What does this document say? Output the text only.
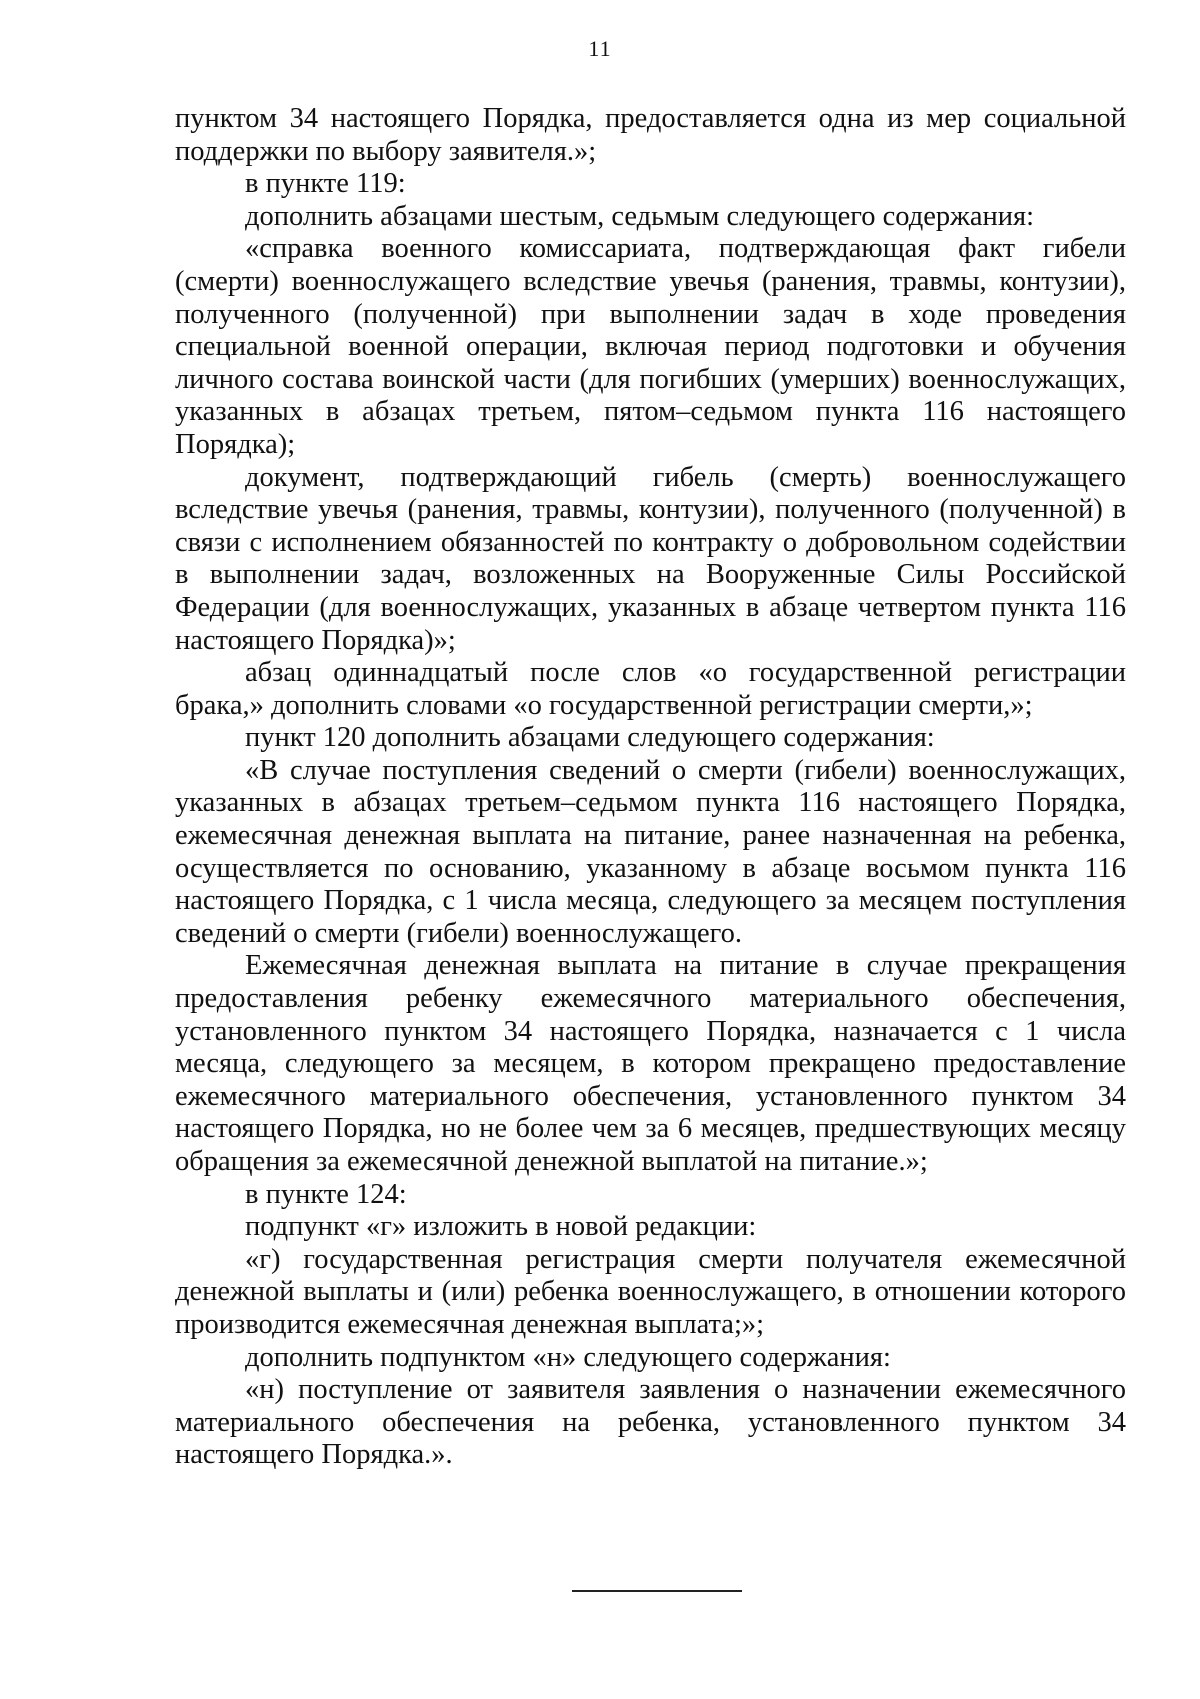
11

пунктом 34 настоящего Порядка, предоставляется одна из мер социальной поддержки по выбору заявителя.»;

в пункте 119:

дополнить абзацами шестым, седьмым следующего содержания:

«справка военного комиссариата, подтверждающая факт гибели (смерти) военнослужащего вследствие увечья (ранения, травмы, контузии), полученного (полученной) при выполнении задач в ходе проведения специальной военной операции, включая период подготовки и обучения личного состава воинской части (для погибших (умерших) военнослужащих, указанных в абзацах третьем, пятом–седьмом пункта 116 настоящего Порядка);

документ, подтверждающий гибель (смерть) военнослужащего вследствие увечья (ранения, травмы, контузии), полученного (полученной) в связи с исполнением обязанностей по контракту о добровольном содействии в выполнении задач, возложенных на Вооруженные Силы Российской Федерации (для военнослужащих, указанных в абзаце четвертом пункта 116 настоящего Порядка)»;

абзац одиннадцатый после слов «о государственной регистрации брака,» дополнить словами «о государственной регистрации смерти,»;

пункт 120 дополнить абзацами следующего содержания:

«В случае поступления сведений о смерти (гибели) военнослужащих, указанных в абзацах третьем–седьмом пункта 116 настоящего Порядка, ежемесячная денежная выплата на питание, ранее назначенная на ребенка, осуществляется по основанию, указанному в абзаце восьмом пункта 116 настоящего Порядка, с 1 числа месяца, следующего за месяцем поступления сведений о смерти (гибели) военнослужащего.

Ежемесячная денежная выплата на питание в случае прекращения предоставления ребенку ежемесячного материального обеспечения, установленного пунктом 34 настоящего Порядка, назначается с 1 числа месяца, следующего за месяцем, в котором прекращено предоставление ежемесячного материального обеспечения, установленного пунктом 34 настоящего Порядка, но не более чем за 6 месяцев, предшествующих месяцу обращения за ежемесячной денежной выплатой на питание.»;

в пункте 124:

подпункт «г» изложить в новой редакции:

«г) государственная регистрация смерти получателя ежемесячной денежной выплаты и (или) ребенка военнослужащего, в отношении которого производится ежемесячная денежная выплата;»;

дополнить подпунктом «н» следующего содержания:

«н) поступление от заявителя заявления о назначении ежемесячного материального обеспечения на ребенка, установленного пунктом 34 настоящего Порядка.».
